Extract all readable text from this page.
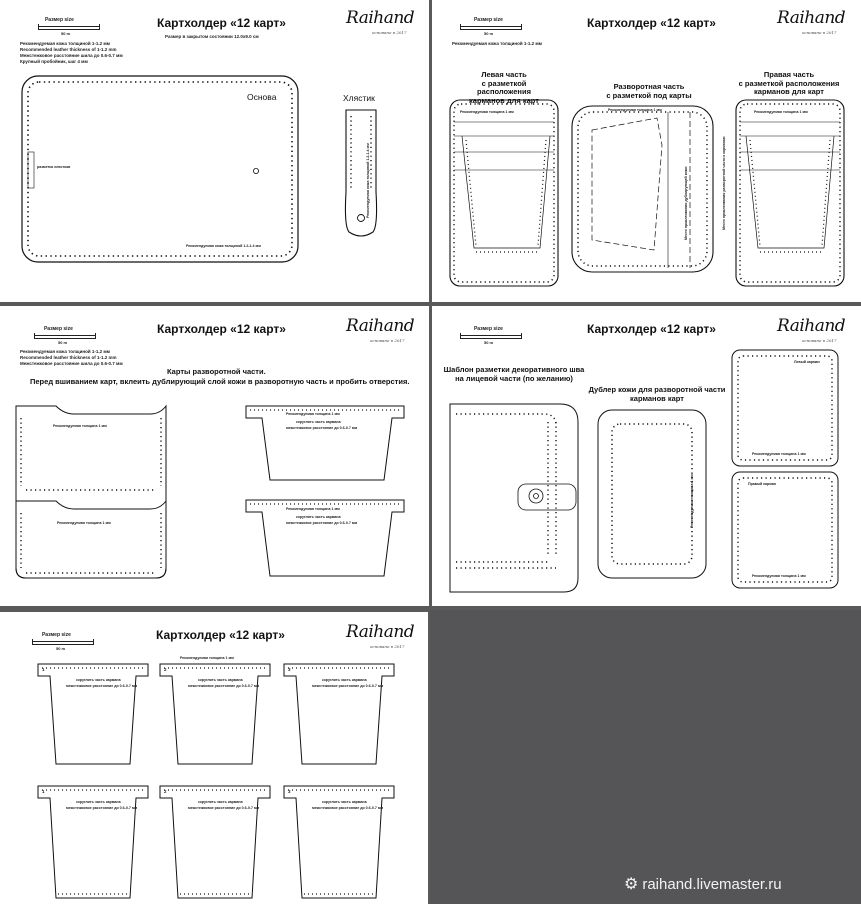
Размер size
50 m
Картхолдер «12 карт»
Размер в закрытом состоянии 12.0x9.0 см
Raihand
основано в 2017
Рекомендуемая кожа толщиной 1-1.2 мм
Recommended leather thickness of 1-1.2 mm
Межстежковое расстояние шила до 0.6-0.7 мм
Крупный пробойник, шаг 4 мм
Основа	Хлястик
разметка хлястика
Рекомендуемая кожа толщиной 1.2-1.4 мм
Рекомендуемая кожа толщиной 1.2-1.4 мм
Размер size
50 m
Картхолдер «12 карт»	Raihand
основано в 2017
Рекомендуемая кожа толщиной 1-1.2 мм
Левая часть
с разметкой расположения
карманов для карт
Разворотная часть
с разметкой под карты
Правая часть
с разметкой расположения
карманов для карт
Рекомендуемая толщина 1 мм	Рекомендуемая толщина 1 мм	Рекомендуемая толщина 1 мм
Место приклеивания дублирующей кожи	Место приклеивания разворотной части к карманам
Размер size
50 m
Картхолдер «12 карт»	Raihand
основано в 2017
Рекомендуемая кожа толщиной 1-1.2 мм
Recommended leather thickness of 1-1.2 mm
Межстежковое расстояние шила до 0.6-0.7 мм
Карты разворотной части.
Перед вшиванием карт, вклеить дублирующий слой кожи в разворотную часть и пробить отверстия.
Рекомендуемая толщина 1 мм
Рекомендуемая толщина 1 мм
Рекомендуемая толщина 1 мм
скруглить часть кармана
межстежковое расстояние до 0.6-0.7 мм
Рекомендуемая толщина 1 мм
скруглить часть кармана
межстежковое расстояние до 0.6-0.7 мм
Размер size
50 m
Картхолдер «12 карт»	Raihand
основано в 2017
Шаблон разметки декоративного шва
на лицевой части (по желанию)
Дублер кожи для разворотной части
карманов карт
Рекомендуемая толщина 1 мм
Левый карман
Рекомендуемая толщина 1 мм
Правый карман
Рекомендуемая толщина 1 мм
Размер size
50 m
Картхолдер «12 карт»	Raihand
основано в 2017
Рекомендуемая толщина 1 мм
1	2	3
1	2	3
скруглить часть кармана
межстежковое расстояние до 0.6-0.7 мм
скруглить часть кармана
межстежковое расстояние до 0.6-0.7 мм
скруглить часть кармана
межстежковое расстояние до 0.6-0.7 мм
скруглить часть кармана
межстежковое расстояние до 0.6-0.7 мм
скруглить часть кармана
межстежковое расстояние до 0.6-0.7 мм
скруглить часть кармана
межстежковое расстояние до 0.6-0.7 мм
⚙ raihand.livemaster.ru
